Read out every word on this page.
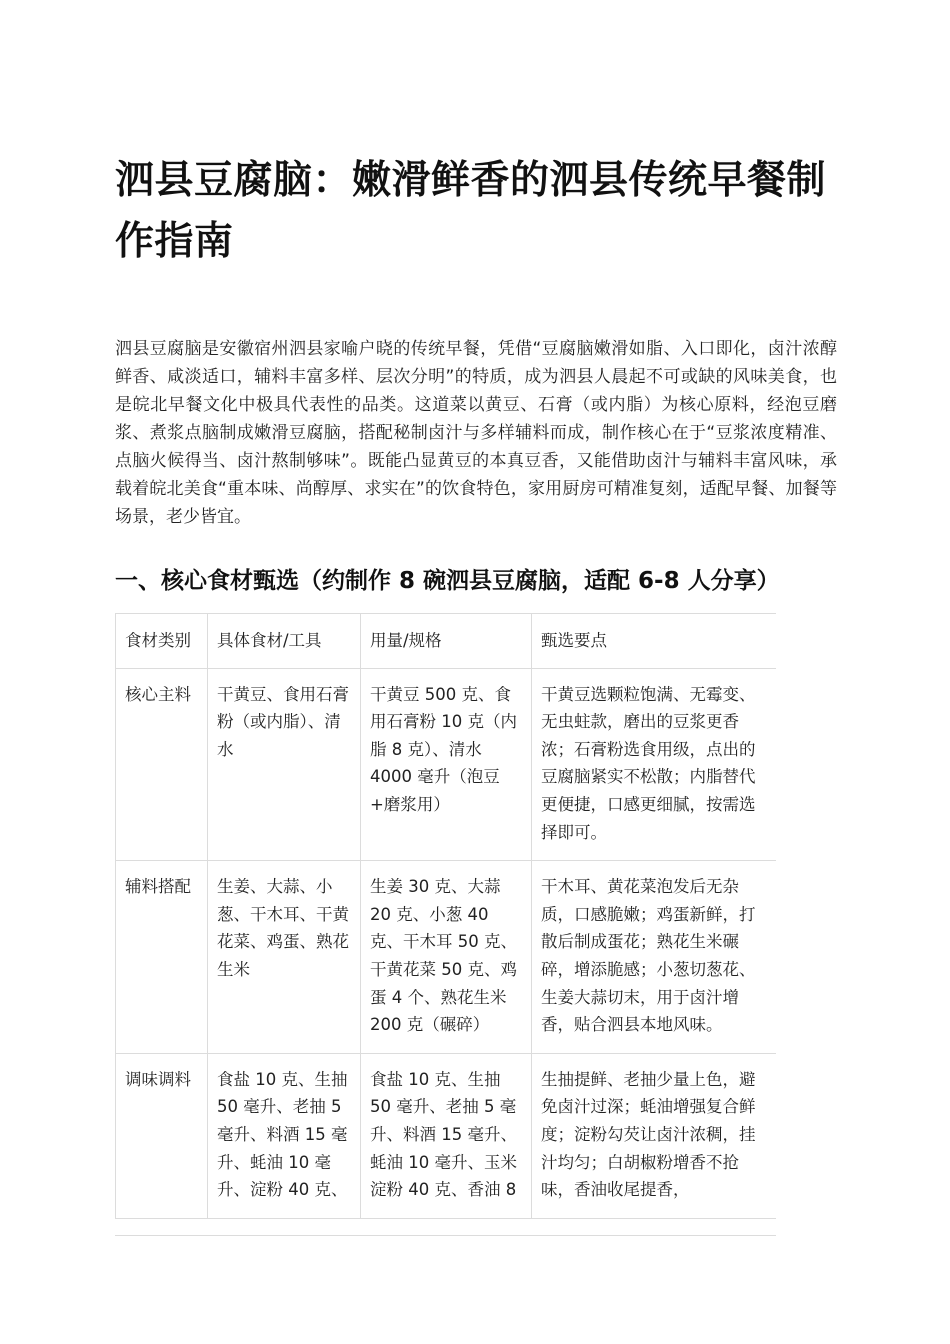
泗县豆腐脑：嫩滑鲜香的泗县传统早餐制作指南

泗县豆腐脑是安徽宿州泗县家喻户晓的传统早餐，凭借“豆腐脑嫩滑如脂、入口即化，卤汁浓醇鲜香、咸淡适口，辅料丰富多样、层次分明”的特质，成为泗县人晨起不可或缺的风味美食，也是皖北早餐文化中极具代表性的品类。这道菜以黄豆、石膏（或内脂）为核心原料，经泡豆磨浆、煮浆点脑制成嫩滑豆腐脑，搭配秘制卤汁与多样辅料而成，制作核心在于“豆浆浓度精准、点脑火候得当、卤汁熬制够味”。既能凸显黄豆的本真豆香，又能借助卤汁与辅料丰富风味，承载着皖北美食“重本味、尚醇厚、求实在”的饮食特色，家用厨房可精准复刻，适配早餐、加餐等场景，老少皆宜。

一、核心食材甄选（约制作 8 碗泗县豆腐脑，适配 6-8 人分享）
食材类别	具体食材/工具	用量/规格	甄选要点
核心主料	干黄豆、食用石膏粉（或内脂）、清水	干黄豆 500 克、食用石膏粉 10 克（内脂 8 克）、清水 4000 毫升（泡豆+磨浆用）	干黄豆选颗粒饱满、无霉变、无虫蛀款，磨出的豆浆更香浓；石膏粉选食用级，点出的豆腐脑紧实不松散；内脂替代更便捷，口感更细腻，按需选择即可。
辅料搭配	生姜、大蒜、小葱、干木耳、干黄花菜、鸡蛋、熟花生米	生姜 30 克、大蒜 20 克、小葱 40 克、干木耳 50 克、干黄花菜 50 克、鸡蛋 4 个、熟花生米 200 克（碾碎）	干木耳、黄花菜泡发后无杂质，口感脆嫩；鸡蛋新鲜，打散后制成蛋花；熟花生米碾碎，增添脆感；小葱切葱花、生姜大蒜切末，用于卤汁增香，贴合泗县本地风味。
调味调料	食盐 10 克、生抽 50 毫升、老抽 5 毫升、料酒 15 毫升、蚝油 10 毫升、淀粉 40 克、	食盐 10 克、生抽 50 毫升、老抽 5 毫升、料酒 15 毫升、蚝油 10 毫升、玉米淀粉 40 克、香油 8	生抽提鲜、老抽少量上色，避免卤汁过深；蚝油增强复合鲜度；淀粉勾芡让卤汁浓稠，挂汁均匀；白胡椒粉增香不抢味，香油收尾提香，
